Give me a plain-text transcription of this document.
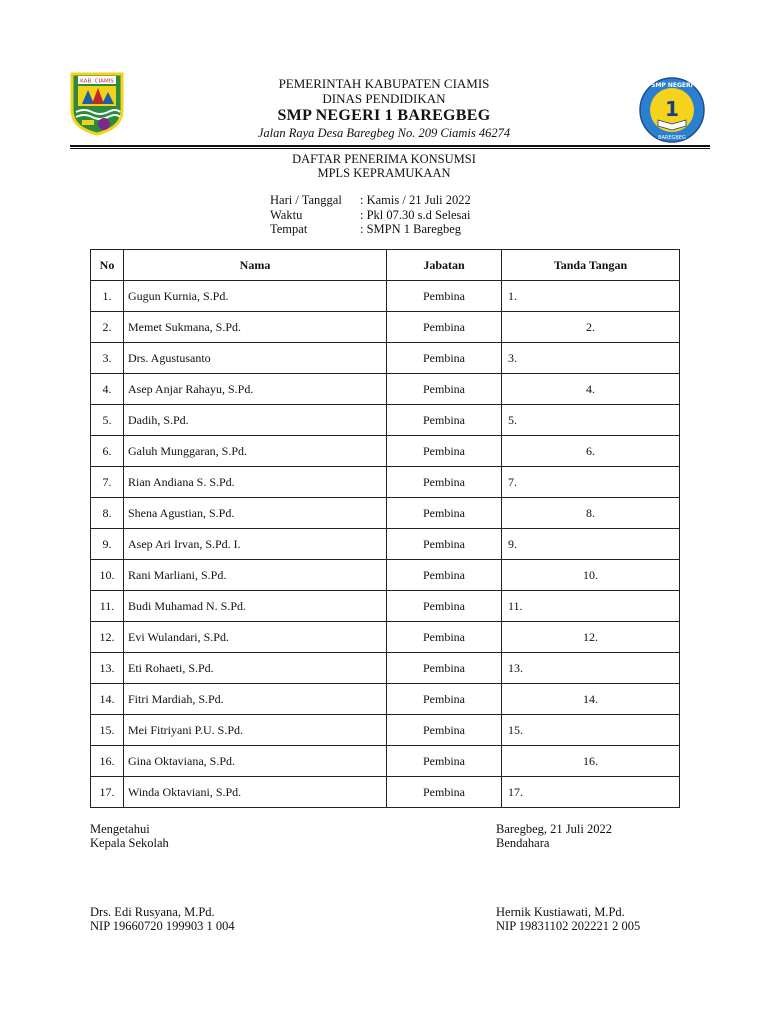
KAB. CIAMIS
SMP NEGERI
1
BAREGBEG
PEMERINTAH KABUPATEN CIAMIS
DINAS PENDIDIKAN
SMP NEGERI 1 BAREGBEG
Jalan Raya Desa Baregbeg No. 209 Ciamis 46274
DAFTAR PENERIMA KONSUMSI
MPLS KEPRAMUKAAN
Hari / Tanggal	: Kamis / 21 Juli 2022
Waktu	: Pkl 07.30 s.d Selesai
Tempat	: SMPN 1 Baregbeg
No	Nama	Jabatan	Tanda Tangan
1.	Gugun Kurnia, S.Pd.	Pembina	1.
2.	Memet Sukmana, S.Pd.	Pembina	2.
3.	Drs. Agustusanto	Pembina	3.
4.	Asep Anjar Rahayu, S.Pd.	Pembina	4.
5.	Dadih, S.Pd.	Pembina	5.
6.	Galuh Munggaran, S.Pd.	Pembina	6.
7.	Rian Andiana S. S.Pd.	Pembina	7.
8.	Shena Agustian, S.Pd.	Pembina	8.
9.	Asep Ari Irvan, S.Pd. I.	Pembina	9.
10.	Rani Marliani, S.Pd.	Pembina	10.
11.	Budi Muhamad N. S.Pd.	Pembina	11.
12.	Evi Wulandari, S.Pd.	Pembina	12.
13.	Eti Rohaeti, S.Pd.	Pembina	13.
14.	Fitri Mardiah, S.Pd.	Pembina	14.
15.	Mei Fitriyani P.U. S.Pd.	Pembina	15.
16.	Gina Oktaviana, S.Pd.	Pembina	16.
17.	Winda Oktaviani, S.Pd.	Pembina	17.
Mengetahui
Kepala Sekolah
Drs. Edi Rusyana, M.Pd.
NIP 19660720 199903 1 004
Baregbeg, 21 Juli 2022
Bendahara
Hernik Kustiawati, M.Pd.
NIP 19831102 202221 2 005
